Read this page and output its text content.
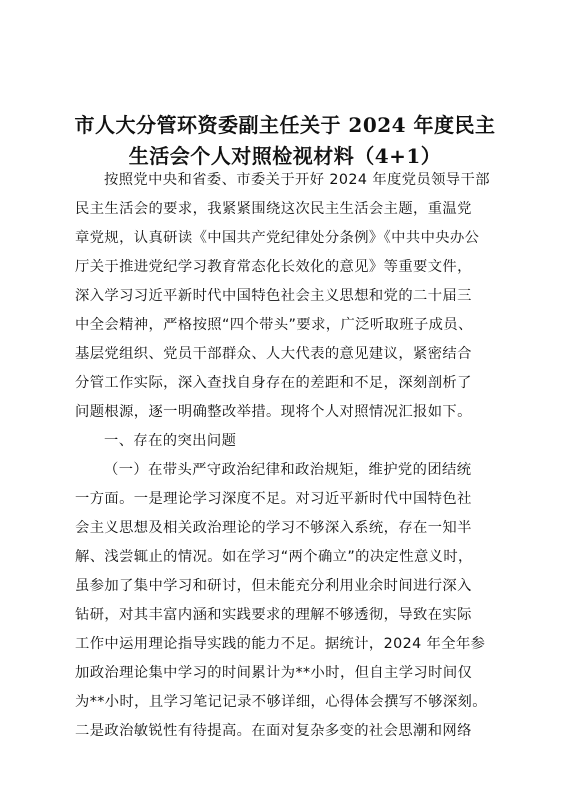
市人大分管环资委副主任关于 2024 年度民主
生活会个人对照检视材料（4+1）
按照党中央和省委、市委关于开好 2024 年度党员领导干部
民主生活会的要求，我紧紧围绕这次民主生活会主题，重温党
章党规，认真研读《中国共产党纪律处分条例》《中共中央办公
厅关于推进党纪学习教育常态化长效化的意见》等重要文件，
深入学习习近平新时代中国特色社会主义思想和党的二十届三
中全会精神，严格按照“四个带头”要求，广泛听取班子成员、
基层党组织、党员干部群众、人大代表的意见建议，紧密结合
分管工作实际，深入查找自身存在的差距和不足，深刻剖析了
问题根源，逐一明确整改举措。现将个人对照情况汇报如下。
一、存在的突出问题
（一）在带头严守政治纪律和政治规矩，维护党的团结统
一方面。一是理论学习深度不足。对习近平新时代中国特色社
会主义思想及相关政治理论的学习不够深入系统，存在一知半
解、浅尝辄止的情况。如在学习“两个确立”的决定性意义时，
虽参加了集中学习和研讨，但未能充分利用业余时间进行深入
钻研，对其丰富内涵和实践要求的理解不够透彻，导致在实际
工作中运用理论指导实践的能力不足。据统计，2024 年全年参
加政治理论集中学习的时间累计为**小时，但自主学习时间仅
为**小时，且学习笔记记录不够详细，心得体会撰写不够深刻。
二是政治敏锐性有待提高。在面对复杂多变的社会思潮和网络
